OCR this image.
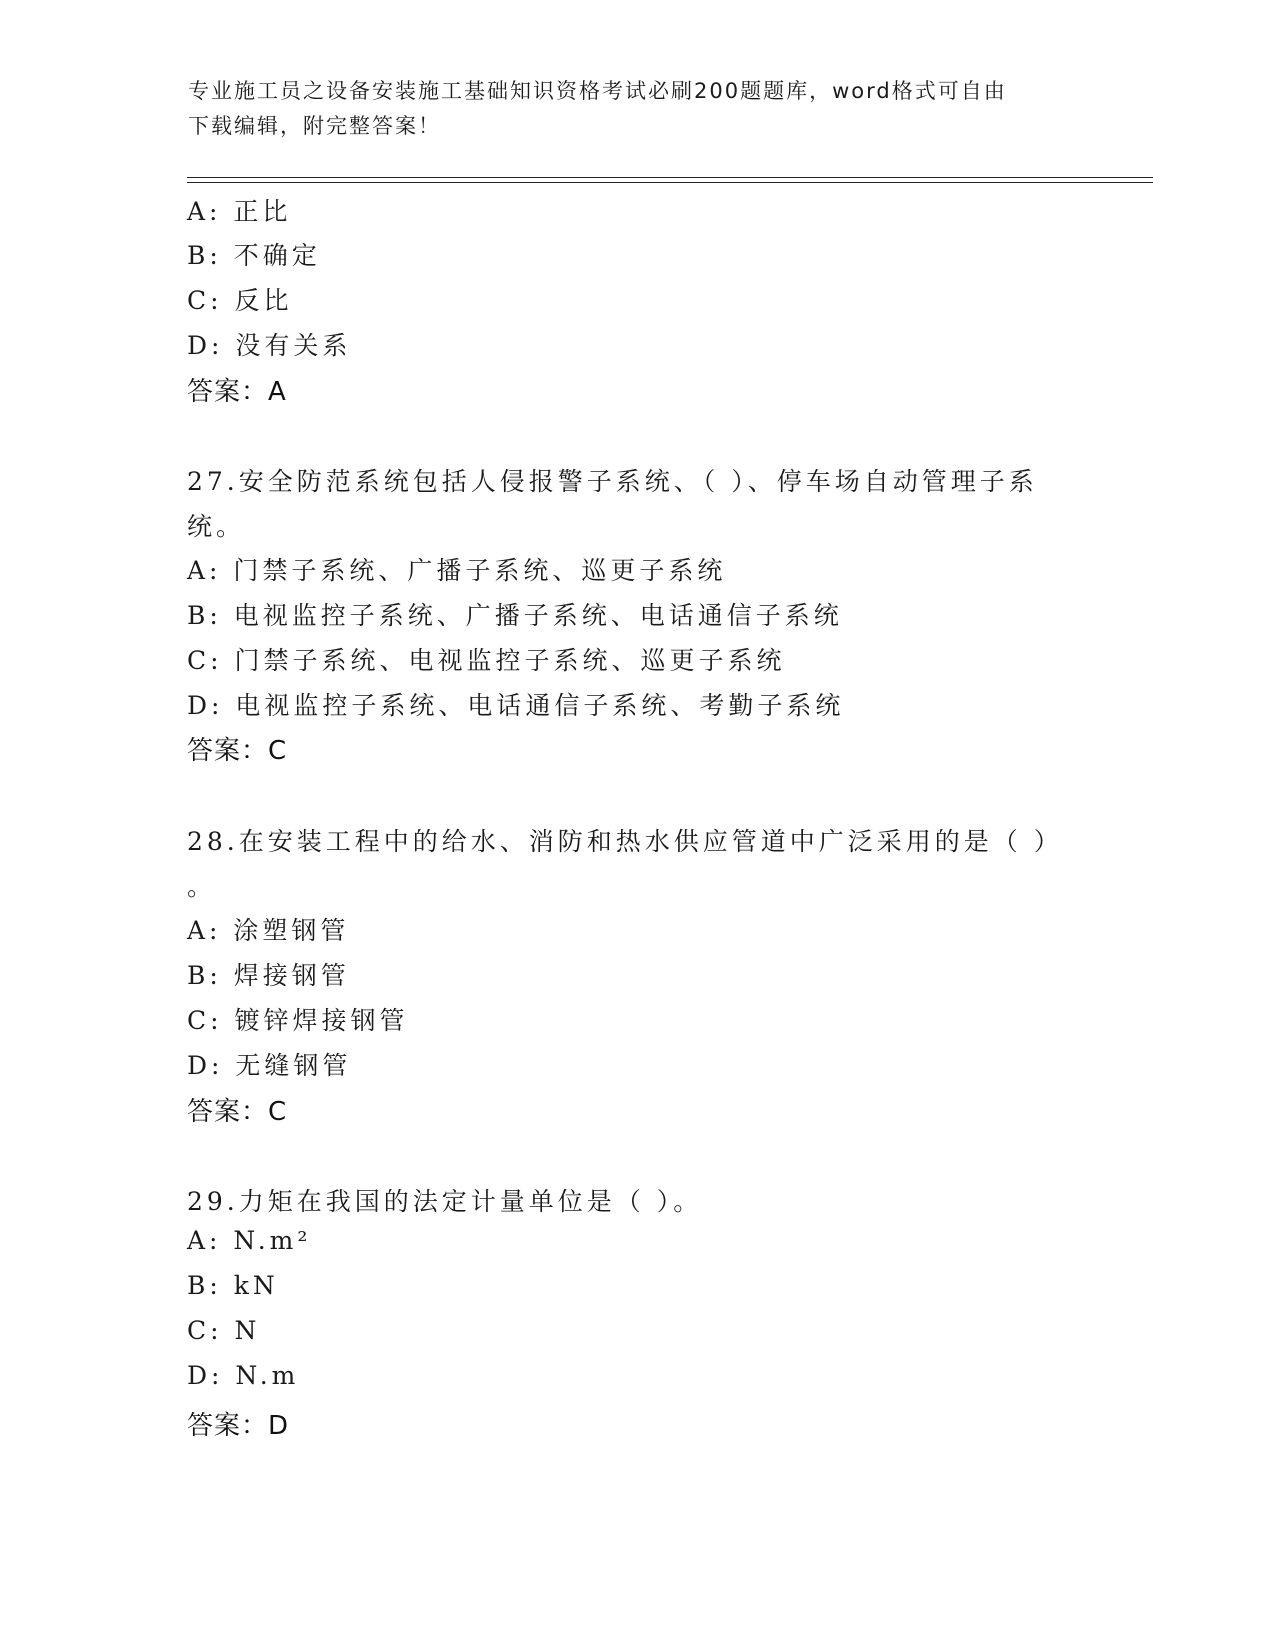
专业施工员之设备安装施工基础知识资格考试必刷200题题库，word格式可自由
下载编辑，附完整答案！
A: 正比
B: 不确定
C: 反比
D: 没有关系
答案：A
27.安全防范系统包括人侵报警子系统、（ ）、停车场自动管理子系
统。
A: 门禁子系统、广播子系统、巡更子系统
B: 电视监控子系统、广播子系统、电话通信子系统
C: 门禁子系统、电视监控子系统、巡更子系统
D: 电视监控子系统、电话通信子系统、考勤子系统
答案：C
28.在安装工程中的给水、消防和热水供应管道中广泛采用的是（ ）
。
A: 涂塑钢管
B: 焊接钢管
C: 镀锌焊接钢管
D: 无缝钢管
答案：C
29.力矩在我国的法定计量单位是（ ）。
A: N.m²
B: kN
C: N
D: N.m
答案：D
